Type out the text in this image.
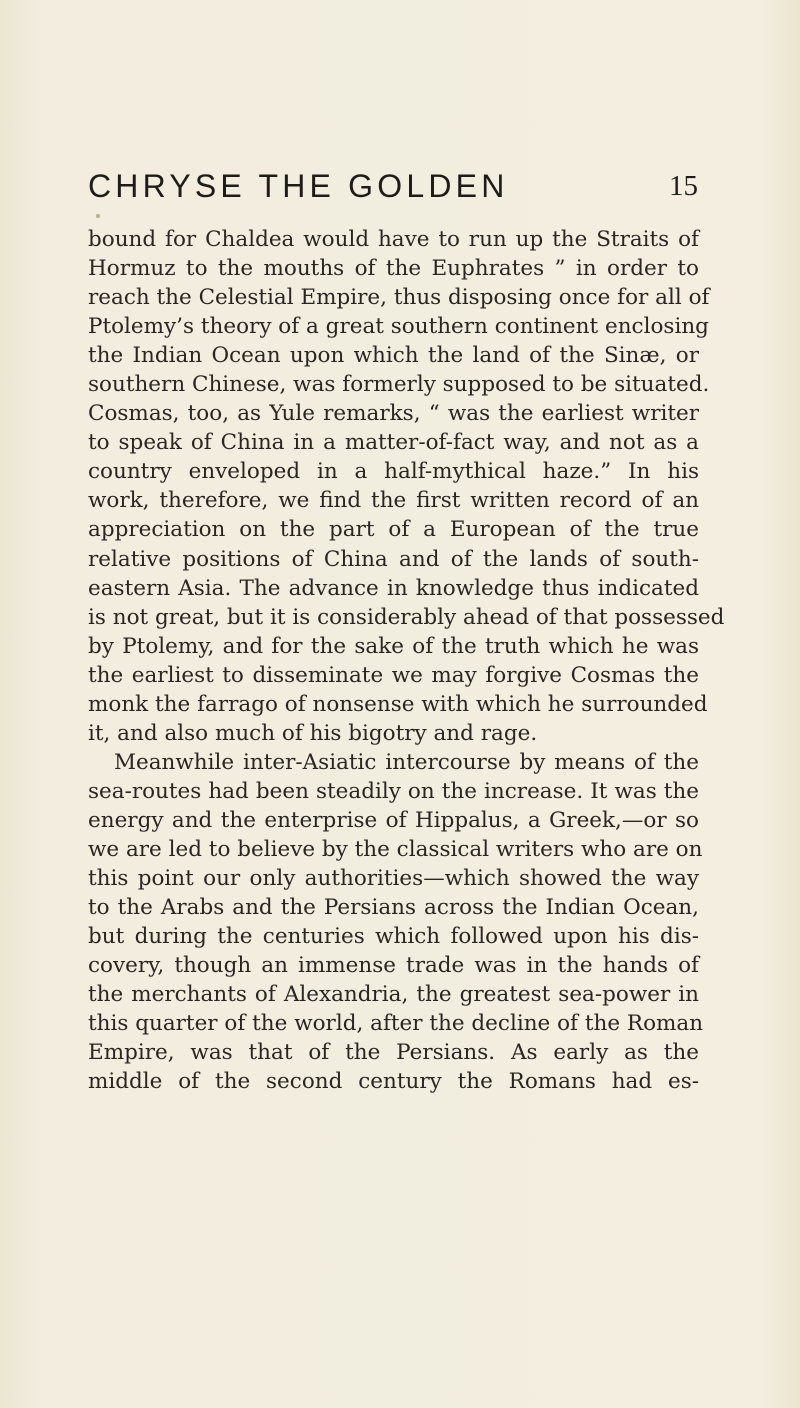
CHRYSE THE GOLDEN	15
bound for Chaldea would have to run up the Straits of
Hormuz to the mouths of the Euphrates ” in order to
reach the Celestial Empire, thus disposing once for all of
Ptolemy’s theory of a great southern continent enclosing
the Indian Ocean upon which the land of the Sinæ, or
southern Chinese, was formerly supposed to be situated.
Cosmas, too, as Yule remarks, “ was the earliest writer
to speak of China in a matter-of-fact way, and not as a
country enveloped in a half-mythical haze.” In his
work, therefore, we find the first written record of an
appreciation on the part of a European of the true
relative positions of China and of the lands of south-
eastern Asia. The advance in knowledge thus indicated
is not great, but it is considerably ahead of that possessed
by Ptolemy, and for the sake of the truth which he was
the earliest to disseminate we may forgive Cosmas the
monk the farrago of nonsense with which he surrounded
it, and also much of his bigotry and rage.
Meanwhile inter-Asiatic intercourse by means of the
sea-routes had been steadily on the increase. It was the
energy and the enterprise of Hippalus, a Greek,—or so
we are led to believe by the classical writers who are on
this point our only authorities—which showed the way
to the Arabs and the Persians across the Indian Ocean,
but during the centuries which followed upon his dis-
covery, though an immense trade was in the hands of
the merchants of Alexandria, the greatest sea-power in
this quarter of the world, after the decline of the Roman
Empire, was that of the Persians. As early as the
middle of the second century the Romans had es-
